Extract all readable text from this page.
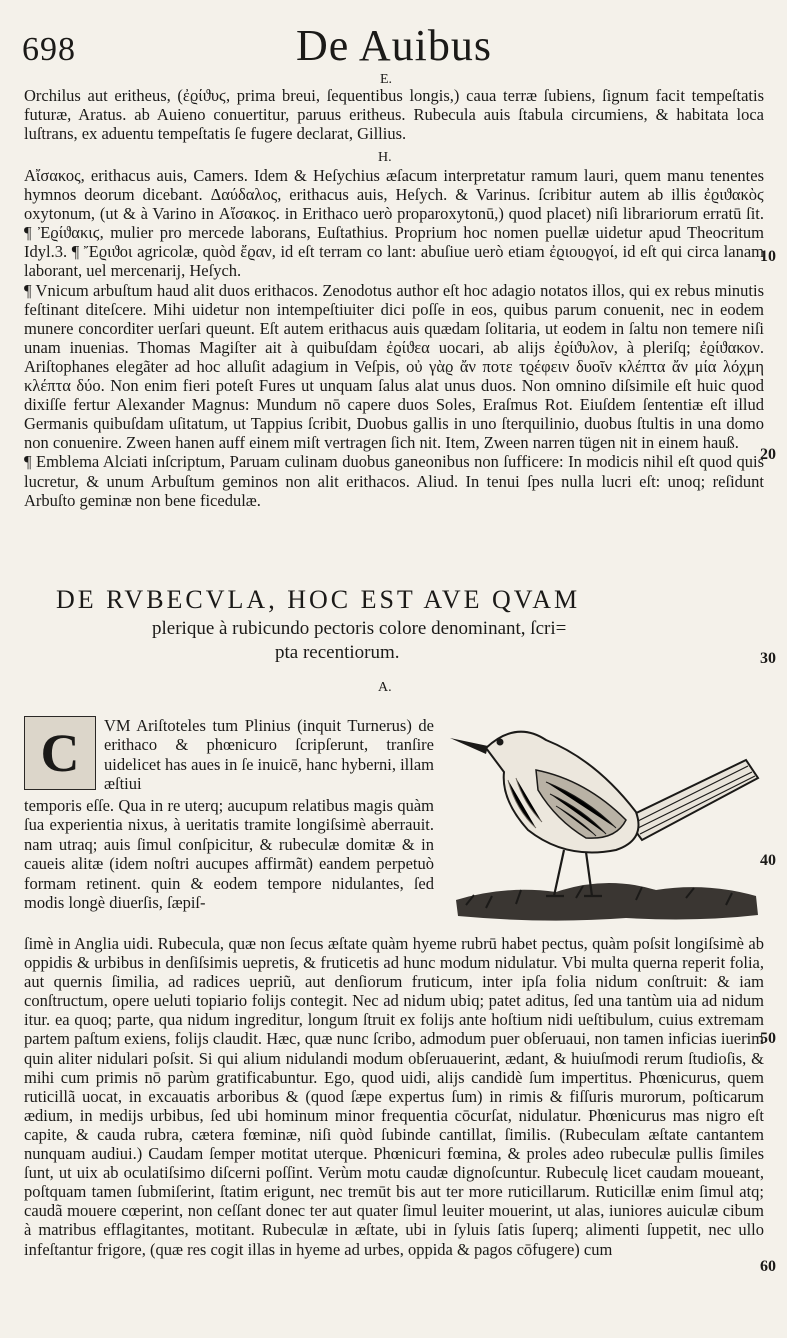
698	De Auibus
E.

Orchilus aut eritheus, (ἐϱίϑυϛ, prima breui, ſequentibus longis,) caua terræ ſubiens, ſignum facit tempeſtatis futuræ, Aratus. ab Auieno conuertitur, paruus eritheus. Rubecula auis ſtabula circumiens, & habitata loca luſtrans, ex aduentu tempeſtatis ſe fugere declarat, Gillius.

H.

Αἴσακος, erithacus auis, Camers. Idem & Heſychius æſacum interpretatur ramum lauri, quem manu tenentes hymnos deorum dicebant. Δαύδαλος, erithacus auis, Heſych. & Varinus. ſcribitur autem ab illis ἐϱιϑακὸϛ oxytonum, (ut & à Varino in Αἴσακοϛ. in Erithaco uerò proparoxytonū,) quod placet) niſi librariorum erratū ſit. ¶ Ἐϱίϑακιϛ, mulier pro mercede laborans, Euſtathius. Proprium hoc nomen puellæ uidetur apud Theocritum Idyl.3. ¶ Ἔϱιϑοι agricolæ, quòd ἔϱαν, id eſt terram co lant: abuſiue uerò etiam ἐϱιουϱγοί, id eſt qui circa lanam laborant, uel mercenarij, Heſych.

¶ Vnicum arbuſtum haud alit duos erithacos. Zenodotus author eſt hoc adagio notatos illos, qui ex rebus minutis feſtinant diteſcere. Mihi uidetur non intempeſtiuiter dici poſſe in eos, quibus parum conuenit, nec in eodem munere concorditer uerſari queunt. Eſt autem erithacus auis quædam ſolitaria, ut eodem in ſaltu non temere niſi unam inuenias. Thomas Magiſter ait à quibuſdam ἐϱίϑεα uocari, ab alijs ἐϱίϑυλον, à pleriſq; ἐϱίϑακον. Ariſtophanes elegãter ad hoc alluſit adagium in Veſpis, οὐ γὰϱ ἄν ποτε τϱέφειν δυοῖν κλέπτα ἄν μία λόχμη κλέπτα δύο. Non enim fieri poteſt Fures ut unquam ſalus alat unus duos. Non omnino diſsimile eſt huic quod dixiſſe fertur Alexander Magnus: Mundum nō capere duos Soles, Eraſmus Rot. Eiuſdem ſententiæ eſt illud Germanis quibuſdam uſitatum, ut Tappius ſcribit, Duobus gallis in uno ſterquilinio, duobus ſtultis in una domo non conuenire. Zween hanen auff einem miſt vertragen ſich nit. Item, Zween narren tügen nit in einem hauß.

¶ Emblema Alciati inſcriptum, Paruam culinam duobus ganeonibus non ſufficere: In modicis nihil eſt quod quis lucretur, & unum Arbuſtum geminos non alit erithacos. Aliud. In tenui ſpes nulla lucri eſt: unoq; reſidunt Arbuſto geminæ non bene ficedulæ.

10
20
DE RVBECVLA, HOC EST AVE QVAM
plerique à rubicundo pectoris colore denominant, ſcri=
pta recentiorum.	30
A.
C	VM Ariſtoteles tum Plinius (inquit Turnerus) de erithaco & phœnicuro ſcripſerunt, tranſire uidelicet has aues in ſe inuicē, hanc hyberni, illam æſtiui
temporis eſſe. Qua in re uterq; aucupum relatibus magis quàm ſua experientia nixus, à ueritatis tramite longiſsimè aberrauit. nam utraq; auis ſimul conſpicitur, & rubeculæ domitæ & in caueis alitæ (idem noſtri aucupes affirmãt) eandem perpetuò formam retinent. quin & eodem tempore nidulantes, ſed modis longè diuerſis, ſæpiſ-
40
ſimè in Anglia uidi. Rubecula, quæ non ſecus æſtate quàm hyeme rubrū habet pectus, quàm poſsit longiſsimè ab oppidis & urbibus in denſiſsimis uepretis, & fruticetis ad hunc modum nidulatur. Vbi multa querna reperit folia, aut quernis ſimilia, ad radices uepriũ, aut denſiorum fruticum, inter ipſa folia nidum conſtruit: & iam conſtructum, opere ueluti topiario folijs contegit. Nec ad nidum ubiq; patet aditus, ſed una tantùm uia ad nidum itur. ea quoq; parte, qua nidum ingreditur, longum ſtruit ex folijs ante hoſtium nidi ueſtibulum, cuius extremam partem paſtum exiens, folijs claudit. Hæc, quæ nunc ſcribo, admodum puer obſeruaui, non tamen inficias iuerim quin aliter nidulari poſsit. Si qui alium nidulandi modum obſeruauerint, ædant, & huiuſmodi rerum ſtudioſis, & mihi cum primis nō parùm gratificabuntur. Ego, quod uidi, alijs candidè ſum impertitus. Phœnicurus, quem ruticillã uocat, in excauatis arboribus & (quod ſæpe expertus ſum) in rimis & fiſſuris murorum, poſticarum ædium, in medijs urbibus, ſed ubi hominum minor frequentia cōcurſat, nidulatur. Phœnicurus mas nigro eſt capite, & cauda rubra, cætera fœminæ, niſi quòd ſubinde cantillat, ſimilis. (Rubeculam æſtate cantantem nunquam audiui.) Caudam ſemper motitat uterque. Phœnicuri fœmina, & proles adeo rubeculæ pullis ſimiles ſunt, ut uix ab oculatiſsimo diſcerni poſſint. Verùm motu caudæ dignoſcuntur. Rubeculę licet caudam moueant, poſtquam tamen ſubmiſerint, ſtatim erigunt, nec tremūt bis aut ter more ruticillarum. Ruticillæ enim ſimul atq; caudã mouere cœperint, non ceſſant donec ter aut quater ſimul leuiter mouerint, ut alas, iuniores auiculæ cibum à matribus efflagitantes, motitant. Rubeculæ in æſtate, ubi in ſyluis ſatis ſuperq; alimenti ſuppetit, nec ullo infeſtantur frigore, (quæ res cogit illas in hyeme ad urbes, oppida & pagos cōfugere) cum
50
60
